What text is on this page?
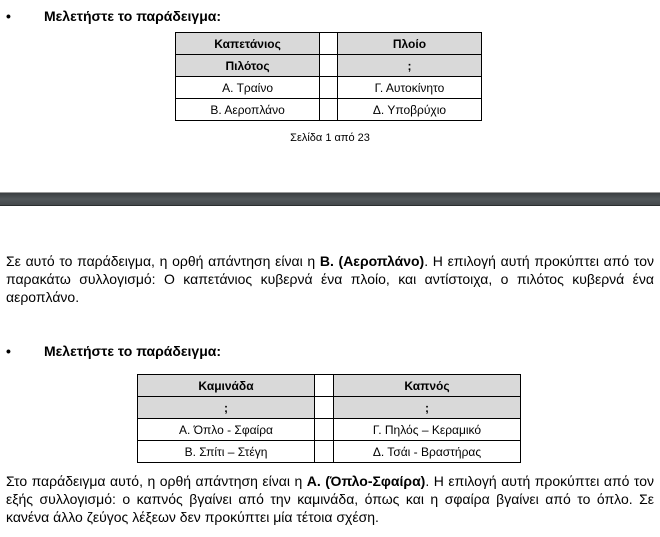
• Μελετήστε το παράδειγμα:
Καπετάνιος		Πλοίο
Πιλότος		;
Α. Τραίνο		Γ. Αυτοκίνητο
Β. Αεροπλάνο		Δ. Υποβρύχιο
Σελίδα 1 από 23
Σε αυτό το παράδειγμα, η ορθή απάντηση είναι η Β. (Αεροπλάνο). Η επιλογή αυτή προκύπτει από τον παρακάτω συλλογισμό: Ο καπετάνιος κυβερνά ένα πλοίο, και αντίστοιχα, ο πιλότος κυβερνά ένα αεροπλάνο.
• Μελετήστε το παράδειγμα:
Καμινάδα		Καπνός
;		;
Α. Όπλο - Σφαίρα		Γ. Πηλός – Κεραμικό
Β. Σπίτι – Στέγη		Δ. Τσάι - Βραστήρας
Στο παράδειγμα αυτό, η ορθή απάντηση είναι η Α. (Όπλο-Σφαίρα). Η επιλογή αυτή προκύπτει από τον εξής συλλογισμό: ο καπνός βγαίνει από την καμινάδα, όπως και η σφαίρα βγαίνει από το όπλο. Σε κανένα άλλο ζεύγος λέξεων δεν προκύπτει μία τέτοια σχέση.
